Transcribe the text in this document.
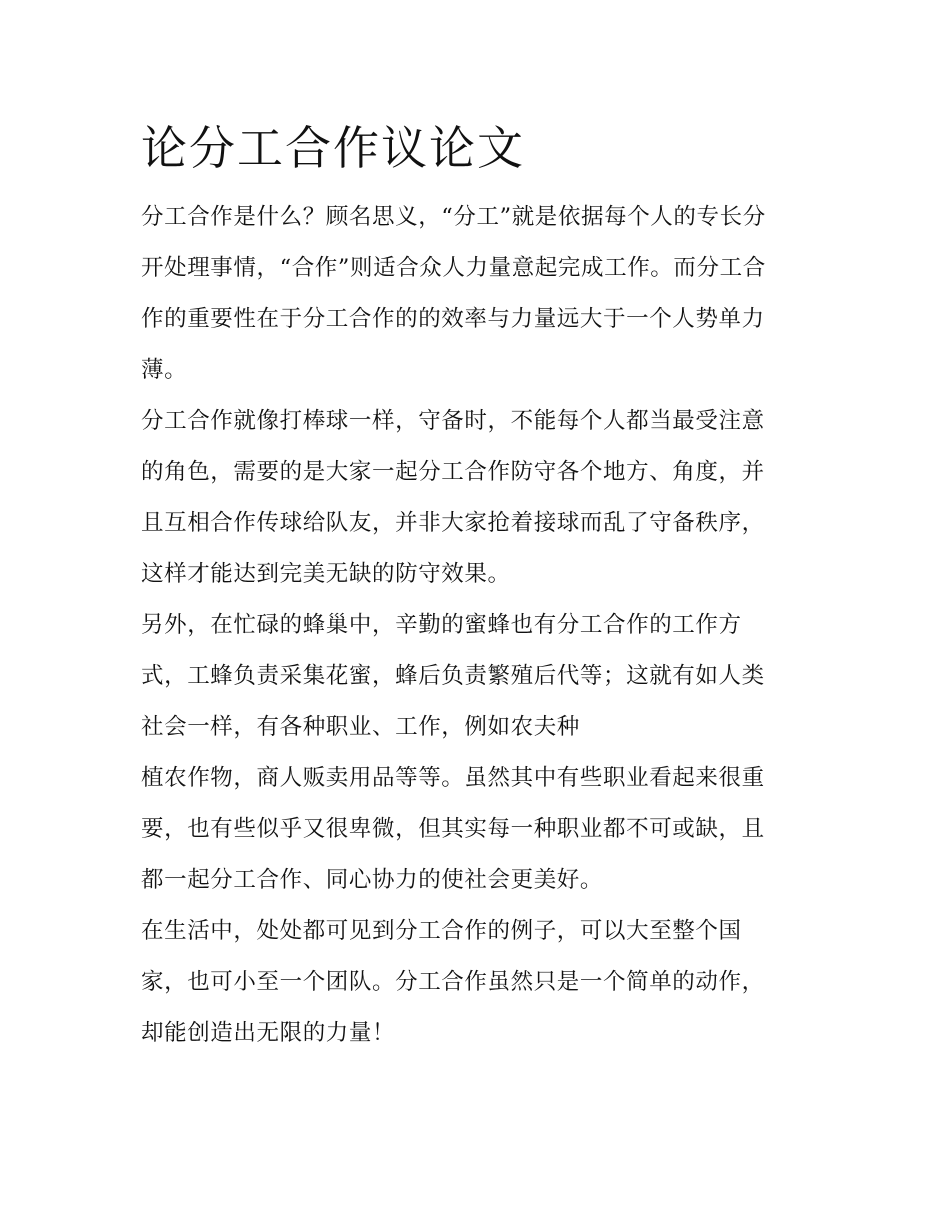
论分工合作议论文
分工合作是什么？顾名思义，“分工”就是依据每个人的专长分
开处理事情，“合作”则适合众人力量意起完成工作。而分工合
作的重要性在于分工合作的的效率与力量远大于一个人势单力
薄。
分工合作就像打棒球一样，守备时，不能每个人都当最受注意
的角色，需要的是大家一起分工合作防守各个地方、角度，并
且互相合作传球给队友，并非大家抢着接球而乱了守备秩序，
这样才能达到完美无缺的防守效果。
另外，在忙碌的蜂巢中，辛勤的蜜蜂也有分工合作的工作方
式，工蜂负责采集花蜜，蜂后负责繁殖后代等；这就有如人类
社会一样，有各种职业、工作，例如农夫种
植农作物，商人贩卖用品等等。虽然其中有些职业看起来很重
要，也有些似乎又很卑微，但其实每一种职业都不可或缺，且
都一起分工合作、同心协力的使社会更美好。
在生活中，处处都可见到分工合作的例子，可以大至整个国
家，也可小至一个团队。分工合作虽然只是一个简单的动作，
却能创造出无限的力量！
